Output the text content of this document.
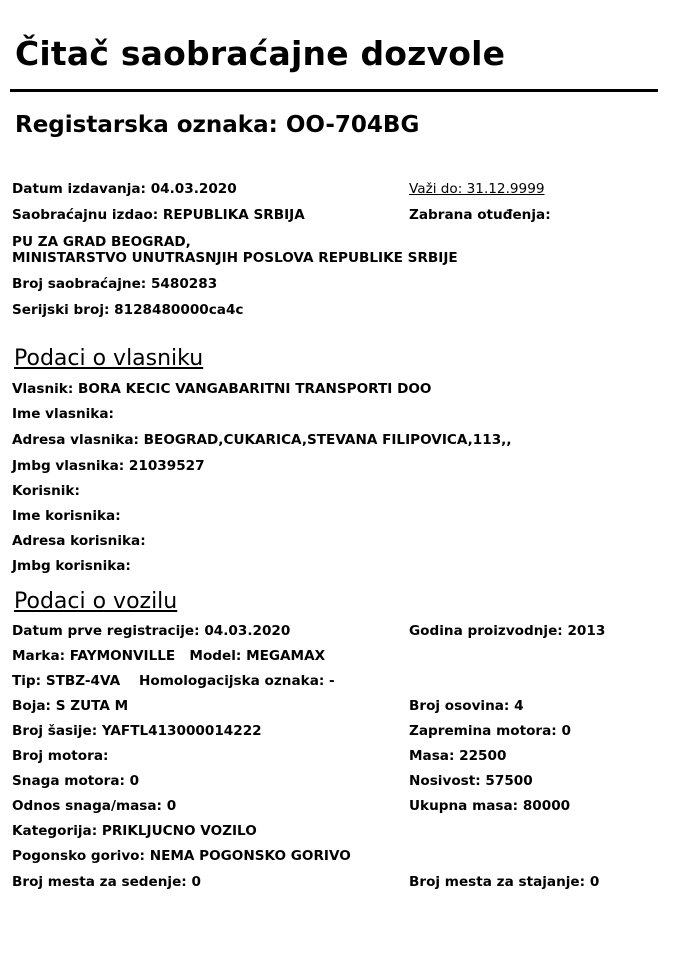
Čitač saobraćajne dozvole
Registarska oznaka: OO-704BG
Datum izdavanja: 04.03.2020	Važi do: 31.12.9999
Saobraćajnu izdao: REPUBLIKA SRBIJA	Zabrana otuđenja:
PU ZA GRAD BEOGRAD,
MINISTARSTVO UNUTRASNJIH POSLOVA REPUBLIKE SRBIJE
Broj saobraćajne: 5480283
Serijski broj: 8128480000ca4c
Podaci o vlasniku
Vlasnik: BORA KECIC VANGABARITNI TRANSPORTI DOO
Ime vlasnika:
Adresa vlasnika: BEOGRAD,CUKARICA,STEVANA FILIPOVICA,113,,
Jmbg vlasnika: 21039527
Korisnik:
Ime korisnika:
Adresa korisnika:
Jmbg korisnika:
Podaci o vozilu
Datum prve registracije: 04.03.2020	Godina proizvodnje: 2013
Marka: FAYMONVILLE   Model: MEGAMAX
Tip: STBZ-4VA    Homologacijska oznaka: -
Boja: S ZUTA M	Broj osovina: 4
Broj šasije: YAFTL413000014222	Zapremina motora: 0
Broj motora:	Masa: 22500
Snaga motora: 0	Nosivost: 57500
Odnos snaga/masa: 0	Ukupna masa: 80000
Kategorija: PRIKLJUCNO VOZILO
Pogonsko gorivo: NEMA POGONSKO GORIVO
Broj mesta za sedenje: 0	Broj mesta za stajanje: 0
